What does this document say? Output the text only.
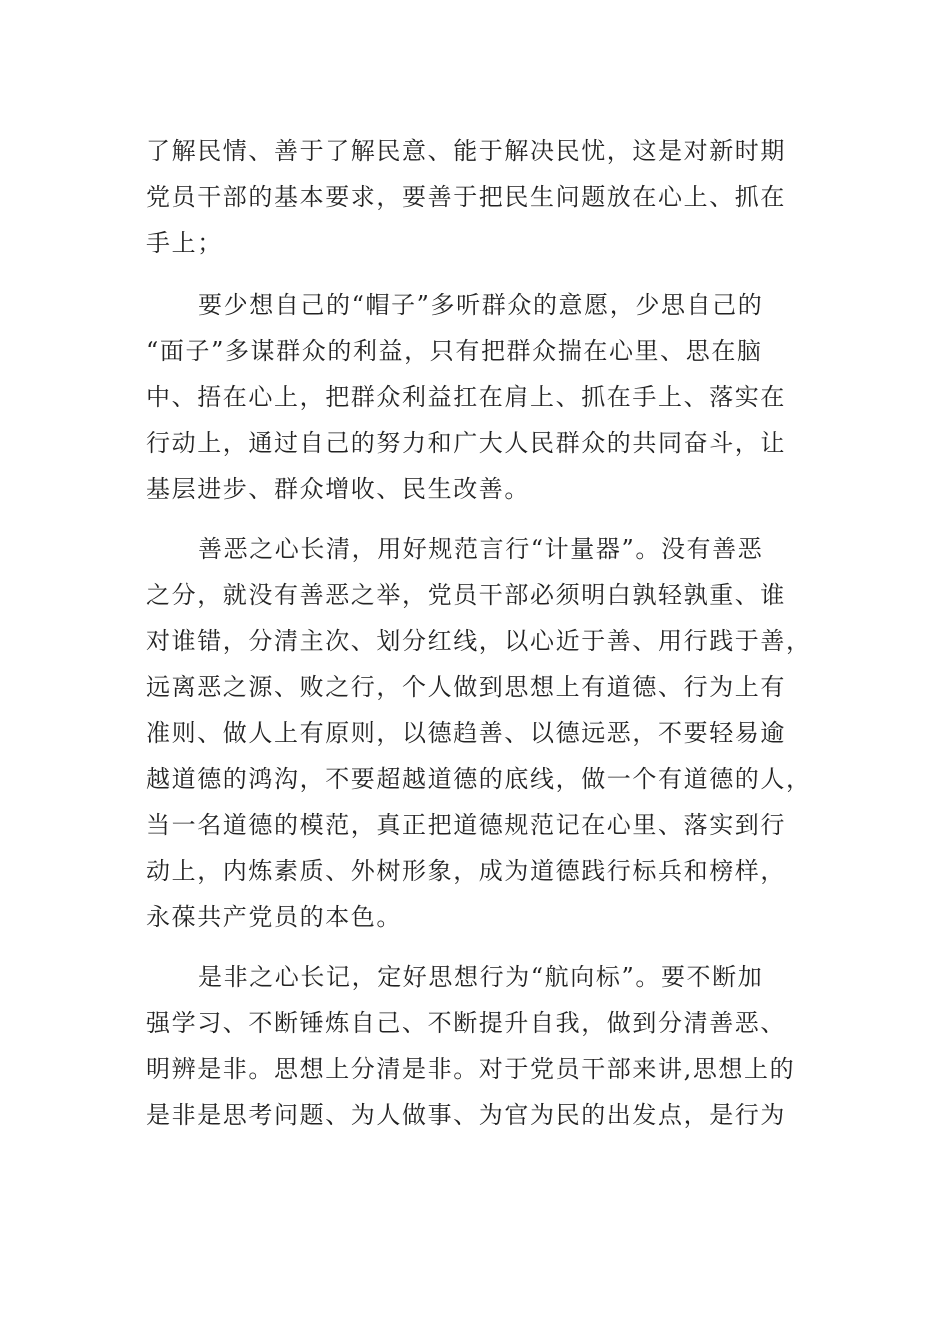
了解民情、善于了解民意、能于解决民忧，这是对新时期
党员干部的基本要求，要善于把民生问题放在心上、抓在
手上；
要少想自己的“帽子”多听群众的意愿，少思自己的
“面子”多谋群众的利益，只有把群众揣在心里、思在脑
中、捂在心上，把群众利益扛在肩上、抓在手上、落实在
行动上，通过自己的努力和广大人民群众的共同奋斗，让
基层进步、群众增收、民生改善。
善恶之心长清，用好规范言行“计量器”。没有善恶
之分，就没有善恶之举，党员干部必须明白孰轻孰重、谁
对谁错，分清主次、划分红线，以心近于善、用行践于善，
远离恶之源、败之行，个人做到思想上有道德、行为上有
准则、做人上有原则，以德趋善、以德远恶，不要轻易逾
越道德的鸿沟，不要超越道德的底线，做一个有道德的人，
当一名道德的模范，真正把道德规范记在心里、落实到行
动上，内炼素质、外树形象，成为道德践行标兵和榜样，
永葆共产党员的本色。
是非之心长记，定好思想行为“航向标”。要不断加
强学习、不断锤炼自己、不断提升自我，做到分清善恶、
明辨是非。思想上分清是非。对于党员干部来讲,思想上的
是非是思考问题、为人做事、为官为民的出发点，是行为
